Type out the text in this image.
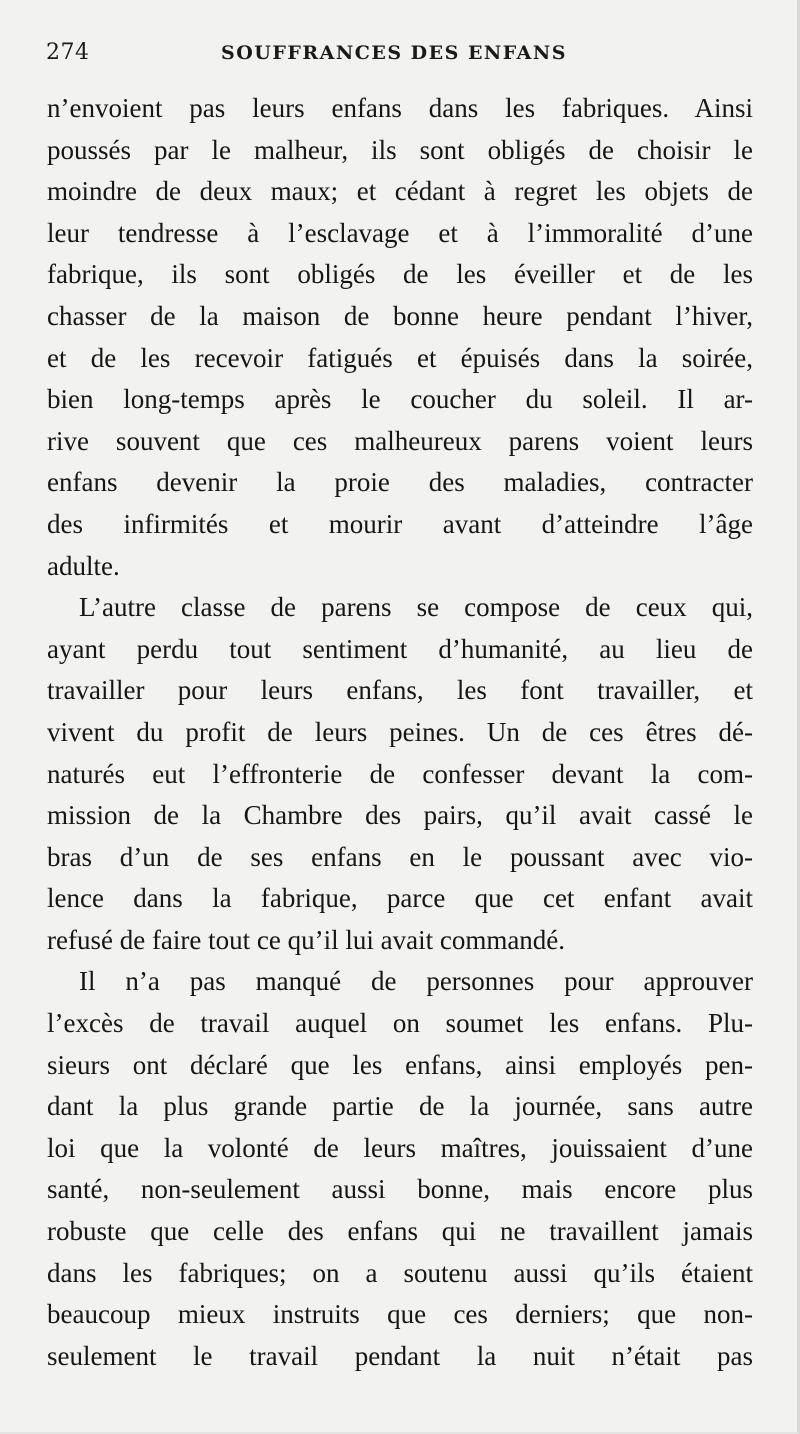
274	SOUFFRANCES DES ENFANS
n’envoient pas leurs enfans dans les fabriques. Ainsi
poussés par le malheur, ils sont obligés de choisir le
moindre de deux maux; et cédant à regret les objets de
leur tendresse à l’esclavage et à l’immoralité d’une
fabrique, ils sont obligés de les éveiller et de les
chasser de la maison de bonne heure pendant l’hiver,
et de les recevoir fatigués et épuisés dans la soirée,
bien long-temps après le coucher du soleil. Il ar-
rive souvent que ces malheureux parens voient leurs
enfans devenir la proie des maladies, contracter
des infirmités et mourir avant d’atteindre l’âge
adulte.
L’autre classe de parens se compose de ceux qui,
ayant perdu tout sentiment d’humanité, au lieu de
travailler pour leurs enfans, les font travailler, et
vivent du profit de leurs peines. Un de ces êtres dé-
naturés eut l’effronterie de confesser devant la com-
mission de la Chambre des pairs, qu’il avait cassé le
bras d’un de ses enfans en le poussant avec vio-
lence dans la fabrique, parce que cet enfant avait
refusé de faire tout ce qu’il lui avait commandé.
Il n’a pas manqué de personnes pour approuver
l’excès de travail auquel on soumet les enfans. Plu-
sieurs ont déclaré que les enfans, ainsi employés pen-
dant la plus grande partie de la journée, sans autre
loi que la volonté de leurs maîtres, jouissaient d’une
santé, non-seulement aussi bonne, mais encore plus
robuste que celle des enfans qui ne travaillent jamais
dans les fabriques; on a soutenu aussi qu’ils étaient
beaucoup mieux instruits que ces derniers; que non-
seulement le travail pendant la nuit n’était pas
